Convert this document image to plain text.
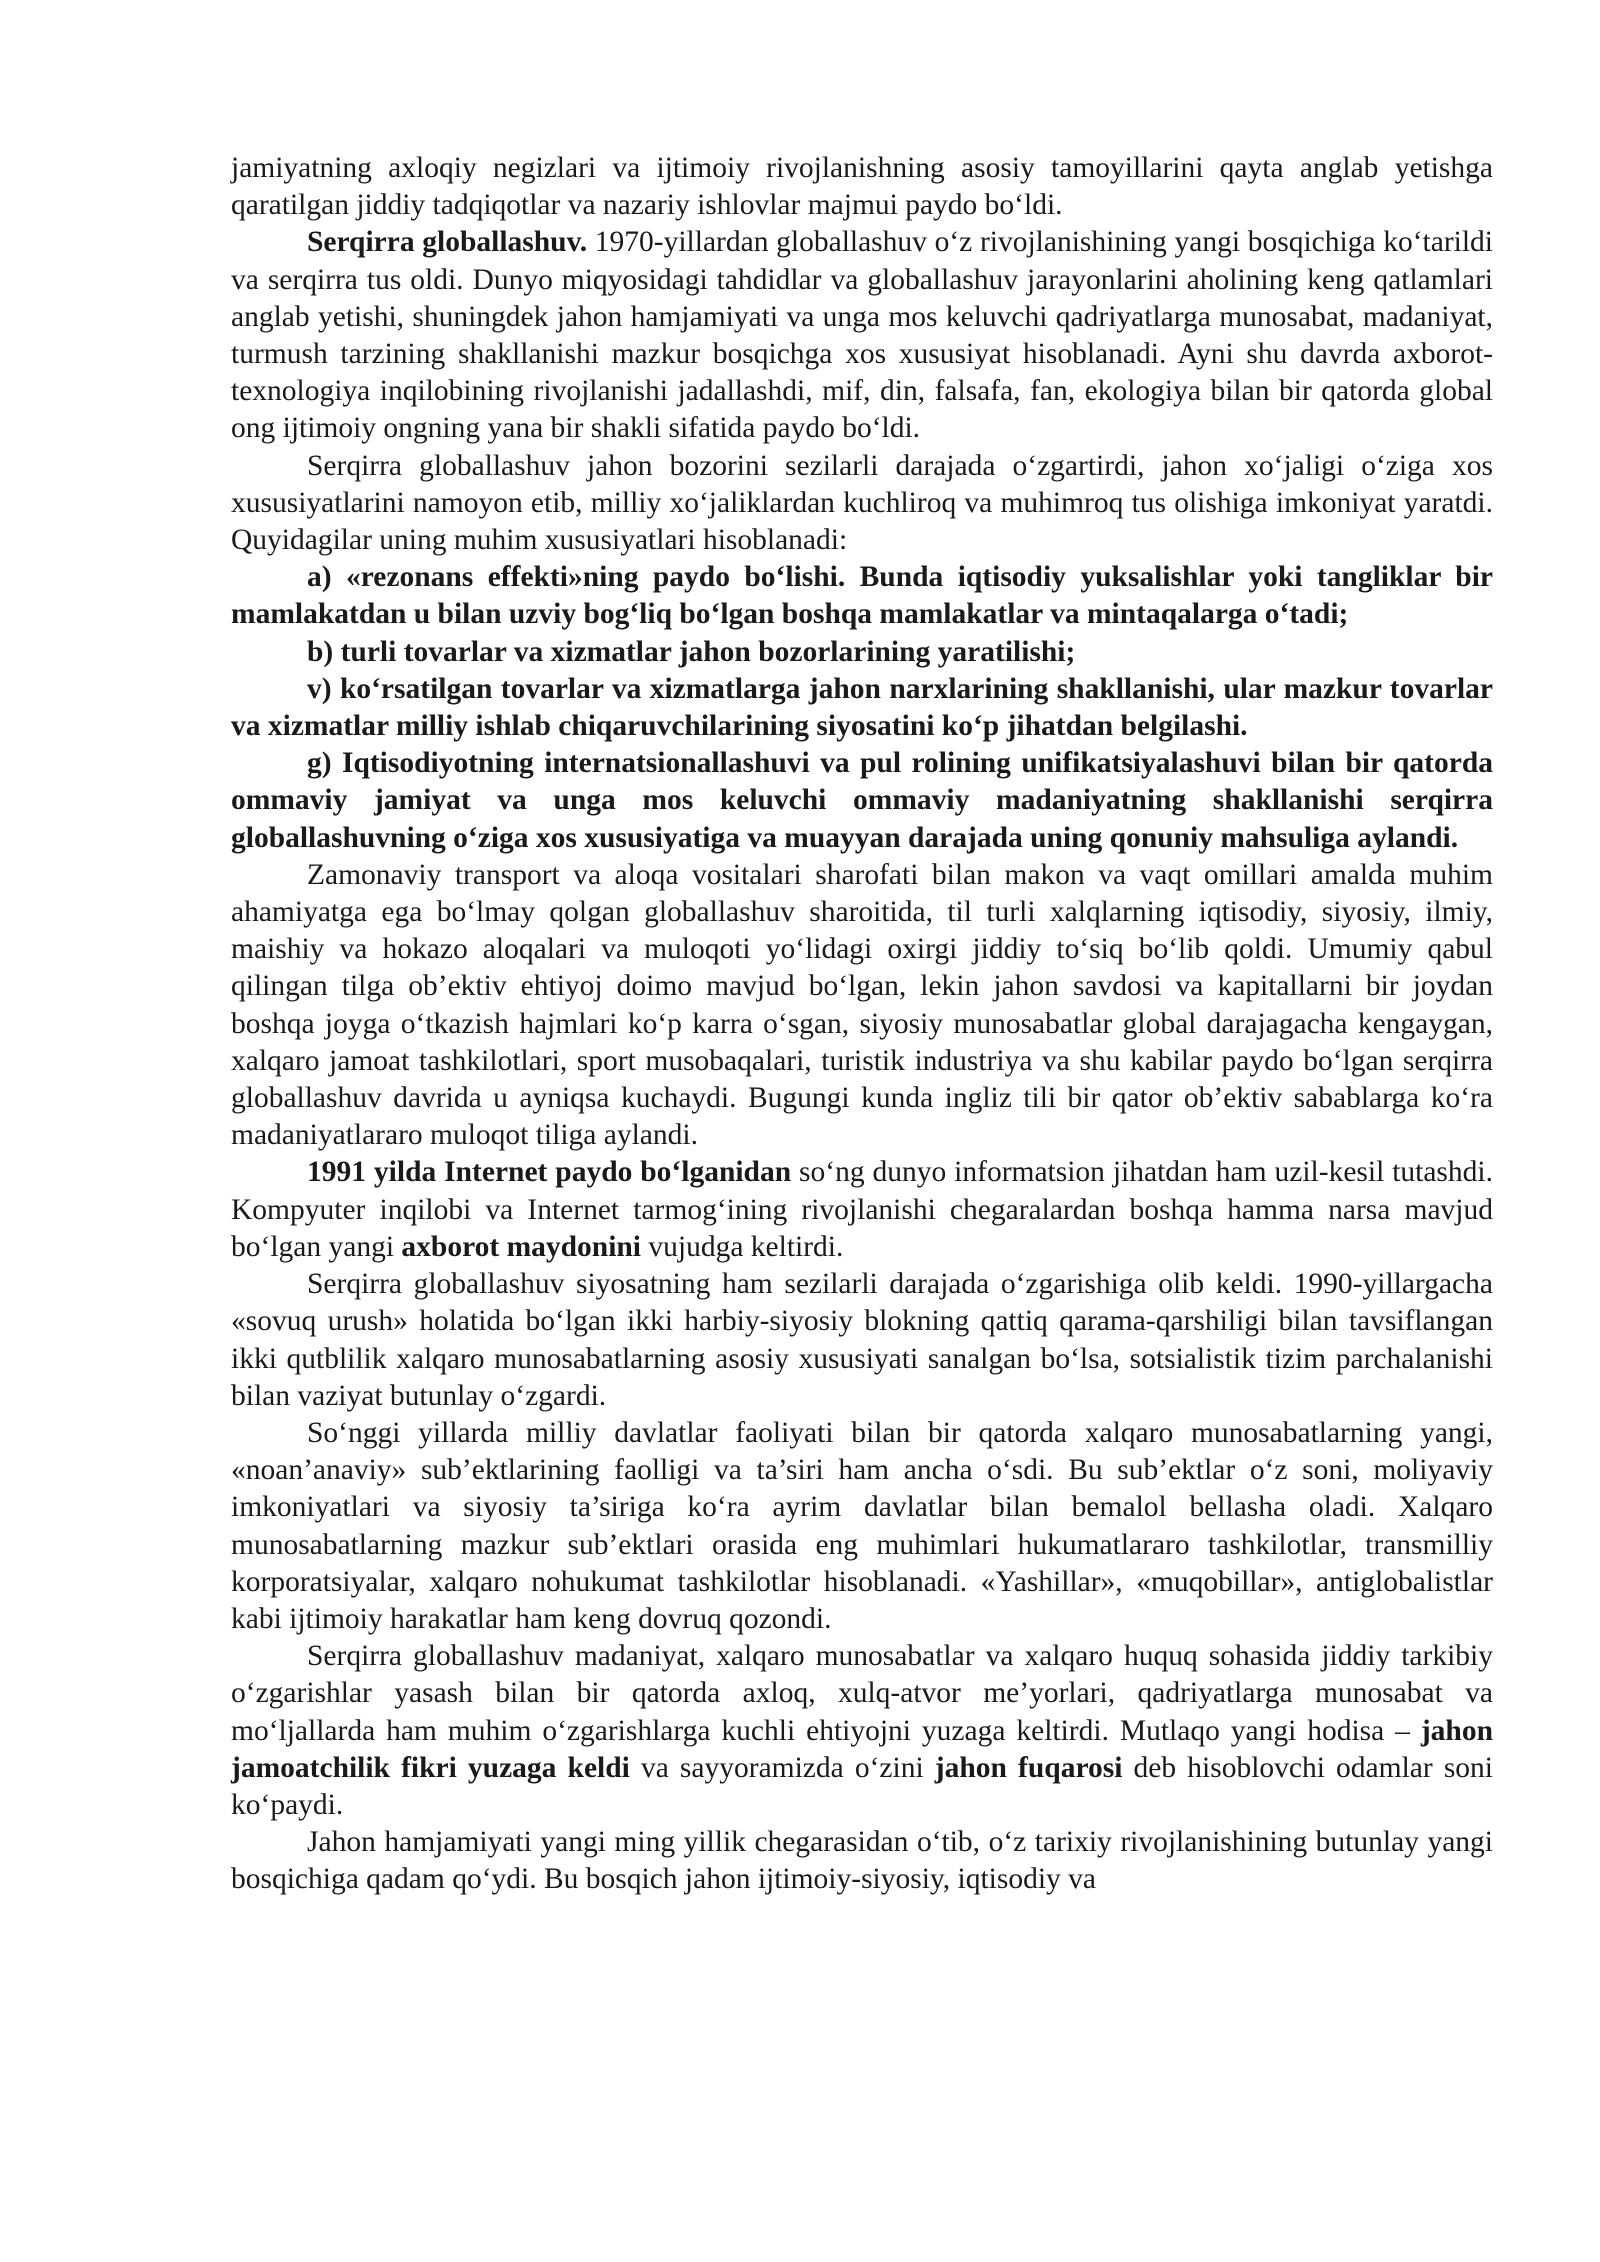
jamiyatning axloqiy negizlari va ijtimoiy rivojlanishning asosiy tamoyillarini qayta anglab yetishga qaratilgan jiddiy tadqiqotlar va nazariy ishlovlar majmui paydo bo‘ldi.

Serqirra globallashuv. 1970-yillardan globallashuv o‘z rivojlanishining yangi bosqichiga ko‘tarildi va serqirra tus oldi. Dunyo miqyosidagi tahdidlar va globallashuv jarayonlarini aholining keng qatlamlari anglab yetishi, shuningdek jahon hamjamiyati va unga mos keluvchi qadriyatlarga munosabat, madaniyat, turmush tarzining shakllanishi mazkur bosqichga xos xususiyat hisoblanadi. Ayni shu davrda axborot-texnologiya inqilobining rivojlanishi jadallashdi, mif, din, falsafa, fan, ekologiya bilan bir qatorda global ong ijtimoiy ongning yana bir shakli sifatida paydo bo‘ldi.

Serqirra globallashuv jahon bozorini sezilarli darajada o‘zgartirdi, jahon xo‘jaligi o‘ziga xos xususiyatlarini namoyon etib, milliy xo‘jaliklardan kuchliroq va muhimroq tus olishiga imkoniyat yaratdi. Quyidagilar uning muhim xususiyatlari hisoblanadi:

a) «rezonans effekti»ning paydo bo‘lishi. Bunda iqtisodiy yuksalishlar yoki tangliklar bir mamlakatdan u bilan uzviy bog‘liq bo‘lgan boshqa mamlakatlar va mintaqalarga o‘tadi;

b) turli tovarlar va xizmatlar jahon bozorlarining yaratilishi;

v) ko‘rsatilgan tovarlar va xizmatlarga jahon narxlarining shakllanishi, ular mazkur tovarlar va xizmatlar milliy ishlab chiqaruvchilarining siyosatini ko‘p jihatdan belgilashi.

g) Iqtisodiyotning internatsionallashuvi va pul rolining unifikatsiyalashuvi bilan bir qatorda ommaviy jamiyat va unga mos keluvchi ommaviy madaniyatning shakllanishi serqirra globallashuvning o‘ziga xos xususiyatiga va muayyan darajada uning qonuniy mahsuliga aylandi.

Zamonaviy transport va aloqa vositalari sharofati bilan makon va vaqt omillari amalda muhim ahamiyatga ega bo‘lmay qolgan globallashuv sharoitida, til turli xalqlarning iqtisodiy, siyosiy, ilmiy, maishiy va hokazo aloqalari va muloqoti yo‘lidagi oxirgi jiddiy to‘siq bo‘lib qoldi. Umumiy qabul qilingan tilga ob’ektiv ehtiyoj doimo mavjud bo‘lgan, lekin jahon savdosi va kapitallarni bir joydan boshqa joyga o‘tkazish hajmlari ko‘p karra o‘sgan, siyosiy munosabatlar global darajagacha kengaygan, xalqaro jamoat tashkilotlari, sport musobaqalari, turistik industriya va shu kabilar paydo bo‘lgan serqirra globallashuv davrida u ayniqsa kuchaydi. Bugungi kunda ingliz tili bir qator ob’ektiv sabablarga ko‘ra madaniyatlararo muloqot tiliga aylandi.

1991 yilda Internet paydo bo‘lganidan so‘ng dunyo informatsion jihatdan ham uzil-kesil tutashdi. Kompyuter inqilobi va Internet tarmog‘ining rivojlanishi chegaralardan boshqa hamma narsa mavjud bo‘lgan yangi axborot maydonini vujudga keltirdi.

Serqirra globallashuv siyosatning ham sezilarli darajada o‘zgarishiga olib keldi. 1990-yillargacha «sovuq urush» holatida bo‘lgan ikki harbiy-siyosiy blokning qattiq qarama-qarshiligi bilan tavsiflangan ikki qutblilik xalqaro munosabatlarning asosiy xususiyati sanalgan bo‘lsa, sotsialistik tizim parchalanishi bilan vaziyat butunlay o‘zgardi.

So‘nggi yillarda milliy davlatlar faoliyati bilan bir qatorda xalqaro munosabatlarning yangi, «noan’anaviy» sub’ektlarining faolligi va ta’siri ham ancha o‘sdi. Bu sub’ektlar o‘z soni, moliyaviy imkoniyatlari va siyosiy ta’siriga ko‘ra ayrim davlatlar bilan bemalol bellasha oladi. Xalqaro munosabatlarning mazkur sub’ektlari orasida eng muhimlari hukumatlararo tashkilotlar, transmilliy korporatsiyalar, xalqaro nohukumat tashkilotlar hisoblanadi. «Yashillar», «muqobillar», antiglobalistlar kabi ijtimoiy harakatlar ham keng dovruq qozondi.

Serqirra globallashuv madaniyat, xalqaro munosabatlar va xalqaro huquq sohasida jiddiy tarkibiy o‘zgarishlar yasash bilan bir qatorda axloq, xulq-atvor me’yorlari, qadriyatlarga munosabat va mo‘ljallarda ham muhim o‘zgarishlarga kuchli ehtiyojni yuzaga keltirdi. Mutlaqo yangi hodisa – jahon jamoatchilik fikri yuzaga keldi va sayyoramizda o‘zini jahon fuqarosi deb hisoblovchi odamlar soni ko‘paydi.

Jahon hamjamiyati yangi ming yillik chegarasidan o‘tib, o‘z tarixiy rivojlanishining butunlay yangi bosqichiga qadam qo‘ydi. Bu bosqich jahon ijtimoiy-siyosiy, iqtisodiy va
